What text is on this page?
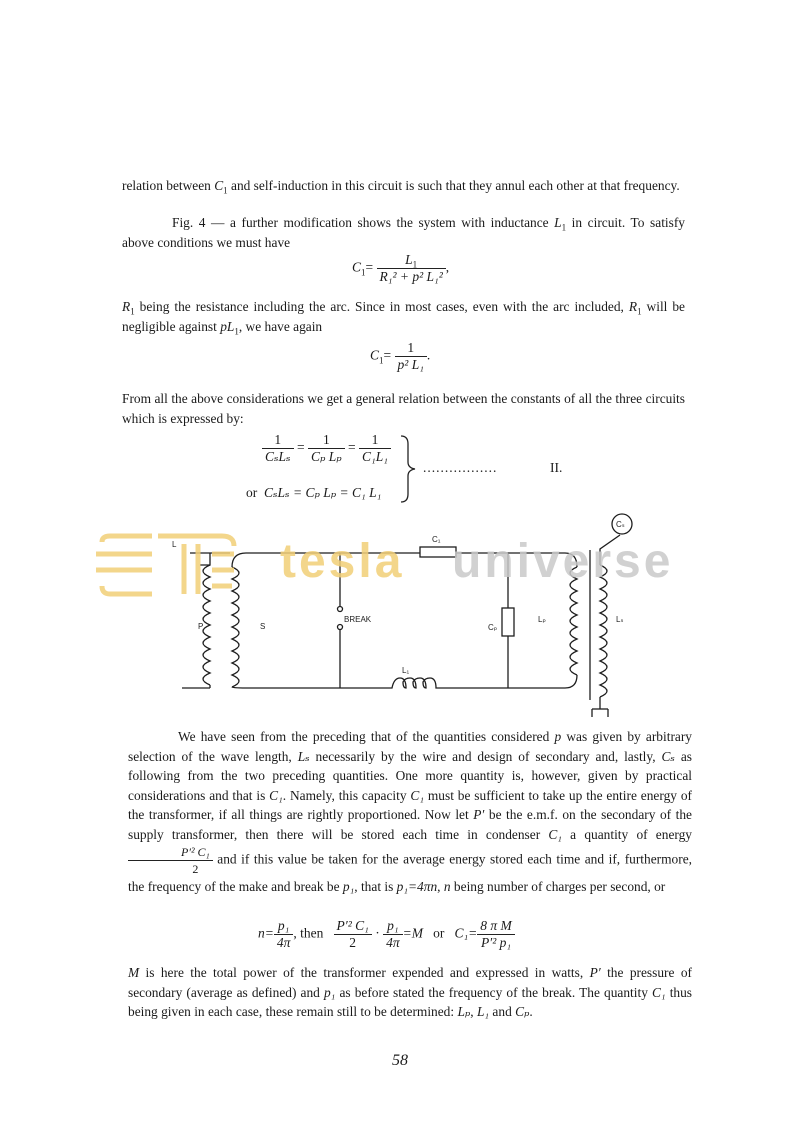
relation between $C_1$ and self-induction in this circuit is such that they annul each other at that frequency.

Fig. 4 — a further modification shows the system with inductance $L_1$ in circuit. To satisfy above conditions we must have

$C_1= \frac{L_1}{\text{R₁² + p² L₁²}}$ ,

$R_1$ being the resistance including the arc. Since in most cases, even with the arc included, $R_1$ will be negligible against $pL_1$, we have again

$C_1= \frac{1}{\text{p² L₁}}$ .

From all the above considerations we get a general relation between the constants of all the three circuits which is expressed by:

$\frac{1}{\text{CₛLₛ}} = \frac{1}{\text{Cₚ Lₚ}} = \frac{1}{\text{C₁L₁}}$
or CₛLₛ = Cₚ Lₚ = C₁ L₁
.................	II.
P	S
BREAK
C₁
Cₚ
Lₚ	Lₛ
Cₛ
L₁
L tesla universe

We have seen from the preceding that of the quantities considered p was given by arbitrary selection of the wave length, Lₛ necessarily by the wire and design of secondary and, lastly, Cₛ as following from the two preceding quantities. One more quantity is, however, given by practical considerations and that is C₁. Namely, this capacity C₁ must be sufficient to take up the entire energy of the transformer, if all things are rightly proportioned. Now let P′ be the e.m.f. on the secondary of the supply transformer, then there will be stored each time in condenser C₁ a quantity of energy
$\frac{\text{P′² C₁}}{2}$ and if this value be taken for the average energy stored each time and if, furthermore, the frequency of the make and break be p₁, that is p₁=4πn, n being number of charges per second, or

$n= \frac{\text{p₁}}{4\pi}$ , then $\frac{\text{P′² C₁}}{2} \cdot \frac{\text{p₁}}{4\pi} =M$ or $C_1= \frac{\text{8 π M}}{\text{P′² p₁}}$

M is here the total power of the transformer expended and expressed in watts, P′ the pressure of secondary (average as defined) and p₁ as before stated the frequency of the break. The quantity C₁ thus being given in each case, these remain still to be determined: Lₚ, L₁ and Cₚ.

58
